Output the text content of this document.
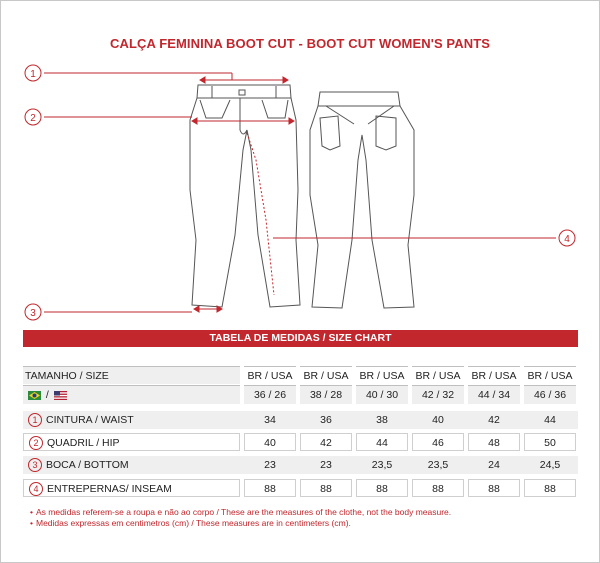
CALÇA FEMININA BOOT CUT - BOOT CUT WOMEN'S PANTS
1
2
3
4
TABELA DE MEDIDAS / SIZE CHART
TAMANHO / SIZE	BR / USA	BR / USA	BR / USA	BR / USA	BR / USA	BR / USA
/	36 / 26	38 / 28	40 / 30	42 / 32	44 / 34	46 / 36
1 CINTURA / WAIST	34	36	38	40	42	44
2 QUADRIL / HIP	40	42	44	46	48	50
3 BOCA / BOTTOM	23	23	23,5	23,5	24	24,5
4 ENTREPERNAS/ INSEAM	88	88	88	88	88	88
• As medidas referem-se a roupa e não ao corpo / These are the measures of the clothe, not the body measure.
• Medidas expressas em centimetros (cm) / These measures are in centimeters (cm).
